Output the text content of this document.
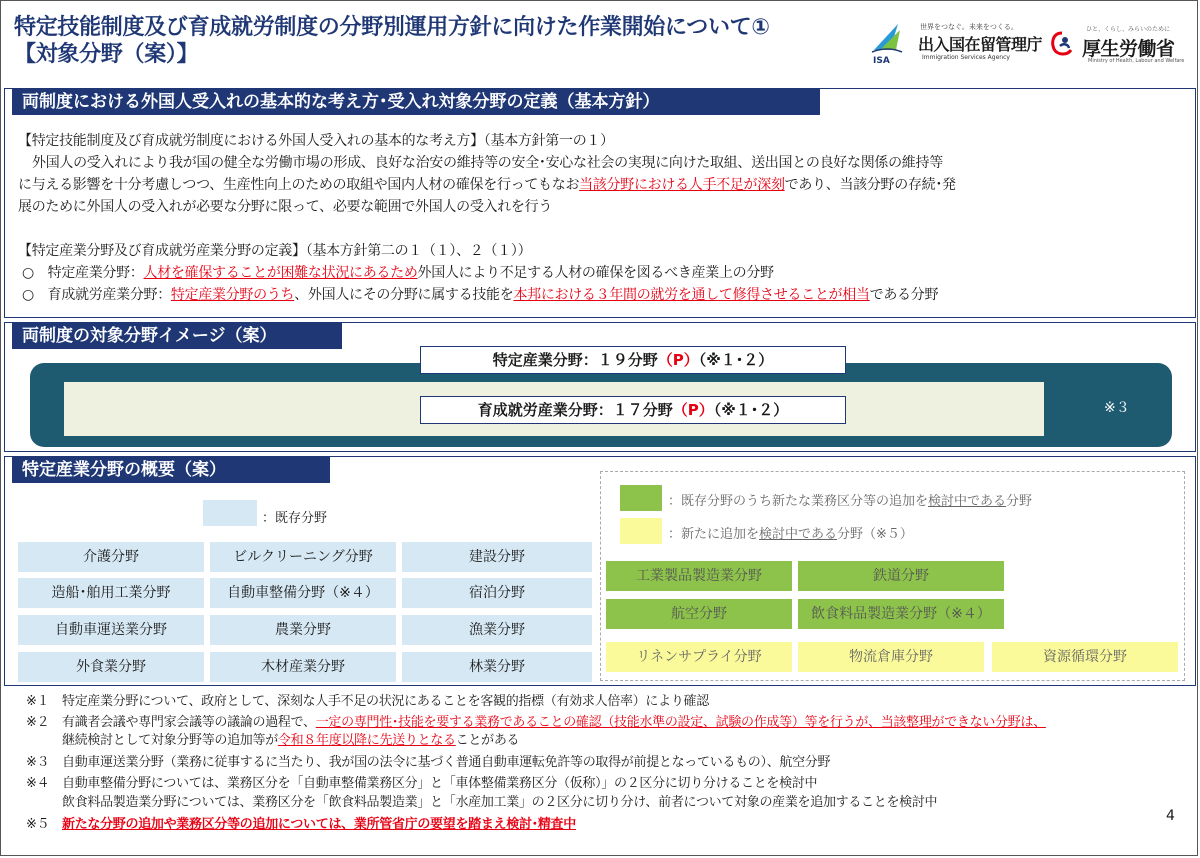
特定技能制度及び育成就労制度の分野別運用方針に向けた作業開始について①
【対象分野（案）】	ISA
世界をつなぐ。未来をつくる。
出入国在留管理庁
Immigration Services Agency
ひと、くらし、みらいのために
厚生労働省
Ministry of Health, Labour and Welfare
両制度における外国人受入れの基本的な考え方･受入れ対象分野の定義（基本方針）
【特定技能制度及び育成就労制度における外国人受入れの基本的な考え方】（基本方針第一の１）
外国人の受入れにより我が国の健全な労働市場の形成、良好な治安の維持等の安全･安心な社会の実現に向けた取組、送出国との良好な関係の維持等
に与える影響を十分考慮しつつ、生産性向上のための取組や国内人材の確保を行ってもなお当該分野における人手不足が深刻であり、当該分野の存続･発
展のために外国人の受入れが必要な分野に限って、必要な範囲で外国人の受入れを行う
【特定産業分野及び育成就労産業分野の定義】（基本方針第二の１（１）、２（１））
○　特定産業分野：人材を確保することが困難な状況にあるため外国人により不足する人材の確保を図るべき産業上の分野
○　育成就労産業分野：特定産業分野のうち、外国人にその分野に属する技能を本邦における３年間の就労を通して修得させることが相当である分野
両制度の対象分野イメージ（案）
特定産業分野：１９分野（P）（※１･２）
育成就労産業分野：１７分野（P）（※１･２）	※３
特定産業分野の概要（案）
：既存分野
：既存分野のうち新たな業務区分等の追加を検討中である分野
：新たに追加を検討中である分野（※５）
介護分野	ビルクリーニング分野	建設分野
造船･舶用工業分野	自動車整備分野（※４）	宿泊分野
自動車運送業分野	農業分野	漁業分野
外食業分野	木材産業分野	林業分野
工業製品製造業分野	鉄道分野
航空分野	飲食料品製造業分野（※４）
リネンサプライ分野	物流倉庫分野	資源循環分野
※１　特定産業分野について、政府として、深刻な人手不足の状況にあることを客観的指標（有効求人倍率）により確認
※２　有識者会議や専門家会議等の議論の過程で、一定の専門性･技能を要する業務であることの確認（技能水準の設定、試験の作成等）等を行うが、当該整理ができない分野は、
継続検討として対象分野等の追加等が令和８年度以降に先送りとなることがある
※３　自動車運送業分野（業務に従事するに当たり、我が国の法令に基づく普通自動車運転免許等の取得が前提となっているもの）、航空分野
※４　自動車整備分野については、業務区分を「自動車整備業務区分」と「車体整備業務区分（仮称）」の２区分に切り分けることを検討中
飲食料品製造業分野については、業務区分を「飲食料品製造業」と「水産加工業」の２区分に切り分け、前者について対象の産業を追加することを検討中
※５　新たな分野の追加や業務区分等の追加については、業所管省庁の要望を踏まえ検討･精査中
4
